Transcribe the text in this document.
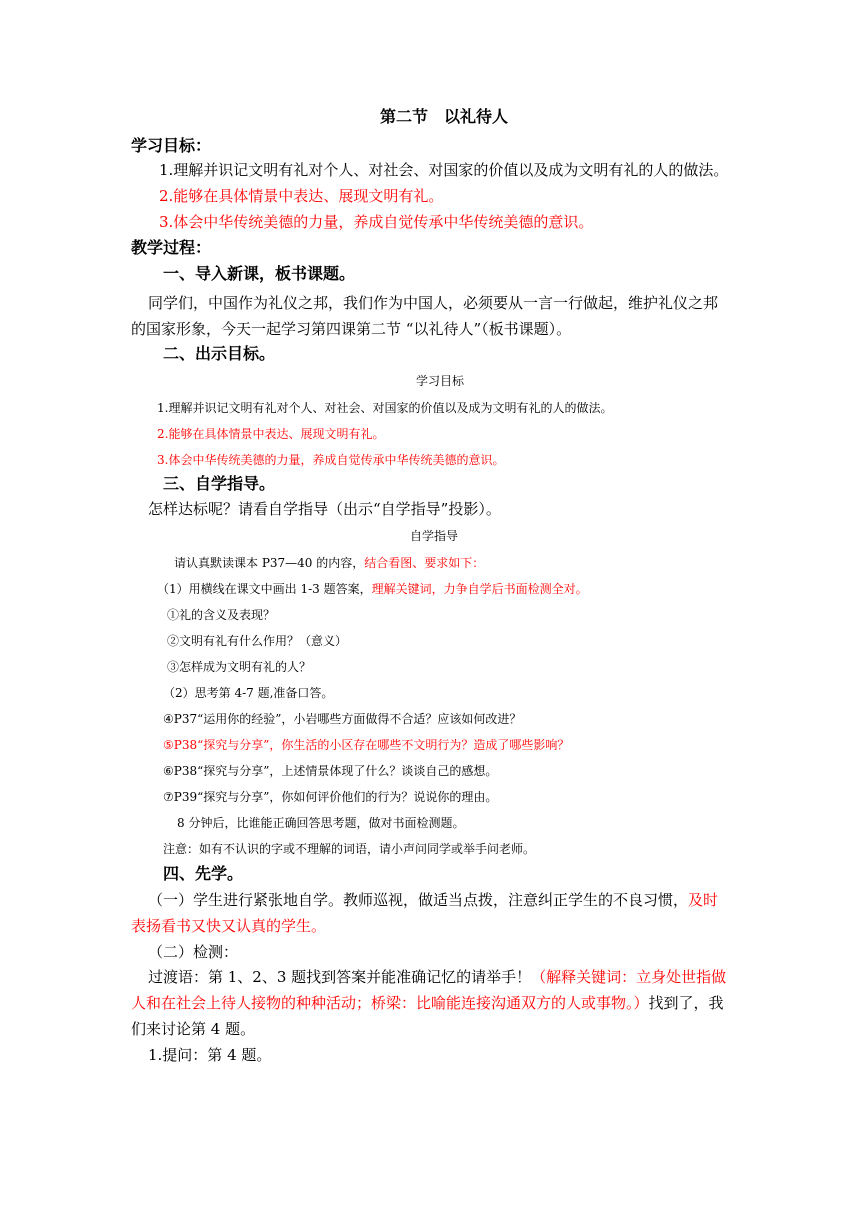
第二节　以礼待人
学习目标：
1.理解并识记文明有礼对个人、对社会、对国家的价值以及成为文明有礼的人的做法。
2.能够在具体情景中表达、展现文明有礼。
3.体会中华传统美德的力量，养成自觉传承中华传统美德的意识。
教学过程：
一、导入新课，板书课题。
同学们，中国作为礼仪之邦，我们作为中国人，必须要从一言一行做起，维护礼仪之邦
的国家形象，今天一起学习第四课第二节 “以礼待人”（板书课题）。
二、出示目标。
学习目标
1.理解并识记文明有礼对个人、对社会、对国家的价值以及成为文明有礼的人的做法。
2.能够在具体情景中表达、展现文明有礼。
3.体会中华传统美德的力量，养成自觉传承中华传统美德的意识。
三、自学指导。
怎样达标呢？请看自学指导（出示“自学指导”投影）。
自学指导
请认真默读课本 P37—40 的内容，结合看图、要求如下：
（1）用横线在课文中画出 1-3 题答案，理解关键词，力争自学后书面检测全对。
①礼的含义及表现？
②文明有礼有什么作用？（意义）
③怎样成为文明有礼的人？
（2）思考第 4-7 题,准备口答。
④P37“运用你的经验”，小岩哪些方面做得不合适？应该如何改进？
⑤P38“探究与分享”，你生活的小区存在哪些不文明行为？造成了哪些影响？
⑥P38“探究与分享”，上述情景体现了什么？谈谈自己的感想。
⑦P39“探究与分享”，你如何评价他们的行为？说说你的理由。
8 分钟后，比谁能正确回答思考题，做对书面检测题。
注意：如有不认识的字或不理解的词语，请小声问同学或举手问老师。
四、先学。
（一）学生进行紧张地自学。教师巡视，做适当点拨，注意纠正学生的不良习惯，及时
表扬看书又快又认真的学生。
（二）检测：
过渡语：第 1、2、3 题找到答案并能准确记忆的请举手！（解释关键词：立身处世指做
人和在社会上待人接物的种种活动；桥梁：比喻能连接沟通双方的人或事物。）找到了，我
们来讨论第 4 题。
1.提问：第 4 题。
